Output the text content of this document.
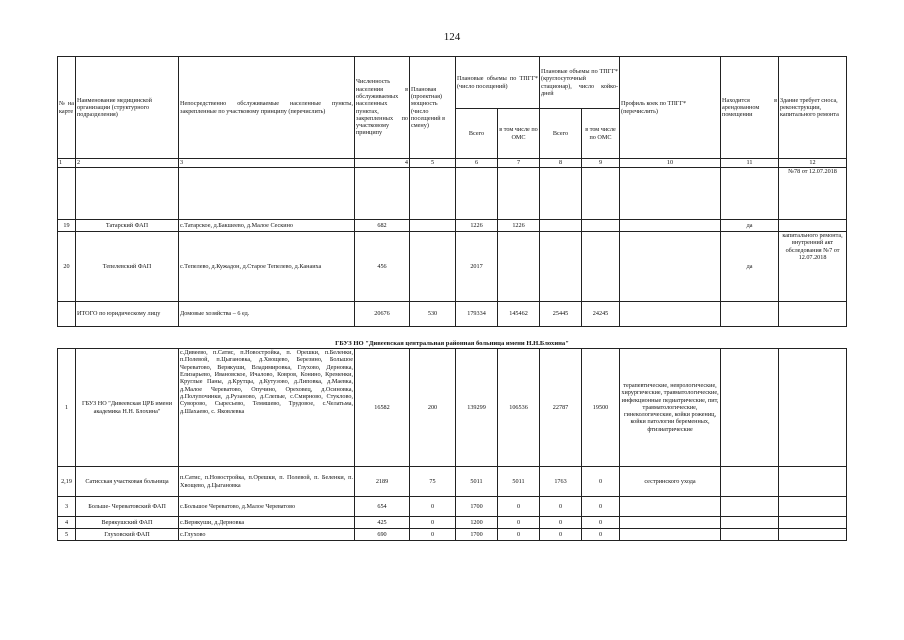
124
№ на карте	Наименование медицинской организации (структурного подразделения)	Непосредственно обслуживаемые населенные пункты, закрепленные по участковому принципу (перечислить)	Численность населения в обслуживаемых населенных пунктах, закрепленных по участковому принципу	Плановая (проектная) мощность (число посещений в смену)	Плановые объемы по ТПГГ* (число посещений)		Плановые объемы по ТПГГ* (круглосуточный стационар), число койко-дней		Профиль коек по ТПГГ* (перечислить)	Находится в арендованном помещении	Здание требует сноса, реконструкции, капитального ремонта
					Всего	в том числе по ОМС	Всего	в том числе по ОМС			
1	2	3	4	5	6	7	8	9	10	11	12
											№78 от 12.07.2018
19	Татарский ФАП	с.Татарское, д.Бакшеево, д.Малое Сескино	682		1226	1226				да	
20	Тепелевский ФАП	с.Тепелево, д.Кужадон, д.Старое Тепелево, д.Канаиха	456		2017					да	капитального ремонта, внутренний акт обследования №7 от 12.07.2018
	ИТОГО по юридическому лицу	Домовые хозяйства – 6 ед.	20676	530	179334	145462	25445	24245			
ГБУЗ НО "Дивеевская центральная районная больница имени Н.Н.Блохина"											
1	ГБУЗ НО "Дивеевская ЦРБ имени академика Н.Н. Блохина"	с.Дивеево, п.Сатис, п.Новостройка, п. Орешки, п.Беленки, п.Полевой, п.Цыгановка, д.Хвощево, Березино, Большое Череватово, Верякуши, Владимировка, Глухово, Дерновка, Елизарьево, Ивановское, Ичалово, Ковров, Конино, Кременки, Круглые Паны, д.Крутцы, д.Кутузово, д.Липовка, д.Маевка, д.Малое Череватово, Опучино, Ореховец, д.Осиновка, д.Полупочинки, д.Рузаново, д.Слепые, с.Смирново, Стуклово, Суворово, Сыресьево, Темяшево, Трудовое, с.Челатьма, д.Шахаево, с. Яковлевка	16582	200	139299	106536	22787	19500	терапевтические, неврологические, хирургические, травматологические, инфекционные педиатрические, пит, травматологические, гинекологические, койки рожениц, койки патологии беременных, фтизиатрические		
2,19	Сатисская участковая больница	п.Сатис, п.Новостройка, п.Орешки, п. Полевой, п. Беленки, п. Хвощево, д.Цыгановка	2189	75	5011	5011	1763	0	сестринского ухода		
3	Больше- Череватовский ФАП	с.Большое Череватово, д.Малое Череватово	654	0	1700	0	0	0			
4	Верякушский ФАП	с.Верякуши, д.Дерновка	425	0	1200	0	0	0			
5	Глуховский ФАП	с.Глухово	690	0	1700	0	0	0			
